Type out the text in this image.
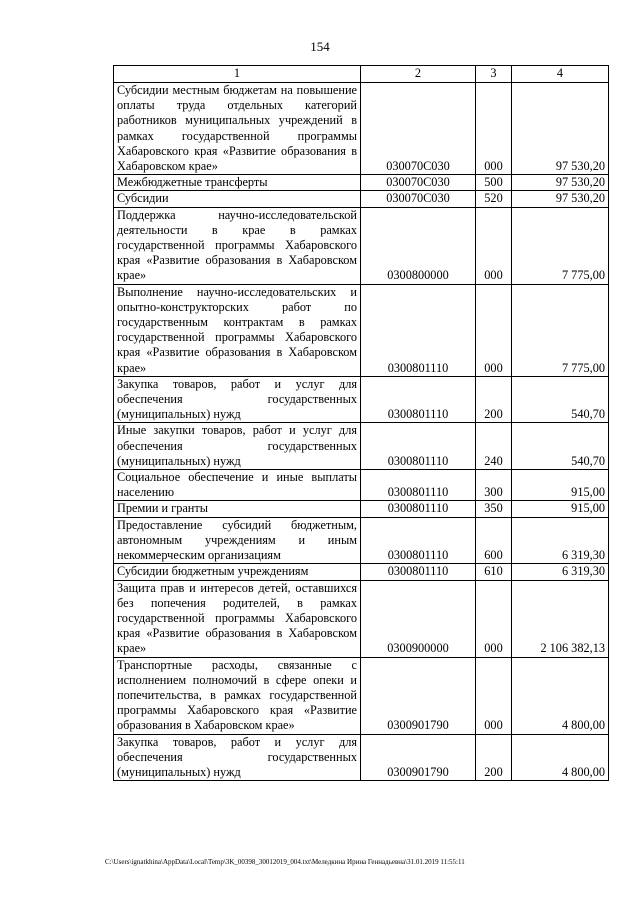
154
1	2	3	4
Субсидии местным бюджетам на повышение оплаты труда отдельных категорий работников муниципальных учреждений в рамках государственной программы Хабаровского края «Развитие образования в Хабаровском крае»	030070С030	000	97 530,20
Межбюджетные трансферты	030070С030	500	97 530,20
Субсидии	030070С030	520	97 530,20
Поддержка научно-исследовательской деятельности в крае в рамках государственной программы Хабаровского края «Развитие образования в Хабаровском крае»	0300800000	000	7 775,00
Выполнение научно-исследовательских и опытно-конструкторских работ по государственным контрактам в рамках государственной программы Хабаровского края «Развитие образования в Хабаровском крае»	0300801110	000	7 775,00
Закупка товаров, работ и услуг для обеспечения государственных (муниципальных) нужд	0300801110	200	540,70
Иные закупки товаров, работ и услуг для обеспечения государственных (муниципальных) нужд	0300801110	240	540,70
Социальное обеспечение и иные выплаты населению	0300801110	300	915,00
Премии и гранты	0300801110	350	915,00
Предоставление субсидий бюджетным, автономным учреждениям и иным некоммерческим организациям	0300801110	600	6 319,30
Субсидии бюджетным учреждениям	0300801110	610	6 319,30
Защита прав и интересов детей, оставшихся без попечения родителей, в рамках государственной программы Хабаровского края «Развитие образования в Хабаровском крае»	0300900000	000	2 106 382,13
Транспортные расходы, связанные с исполнением полномочий в сфере опеки и попечительства, в рамках государственной программы Хабаровского края «Развитие образования в Хабаровском крае»	0300901790	000	4 800,00
Закупка товаров, работ и услуг для обеспечения государственных (муниципальных) нужд	0300901790	200	4 800,00
C:\Users\ignatkhina\AppData\Local\Temp\3K_00398_30012019_004.txt\Меледкина Ирина Геннадьевна\31.01.2019 11:55:11
